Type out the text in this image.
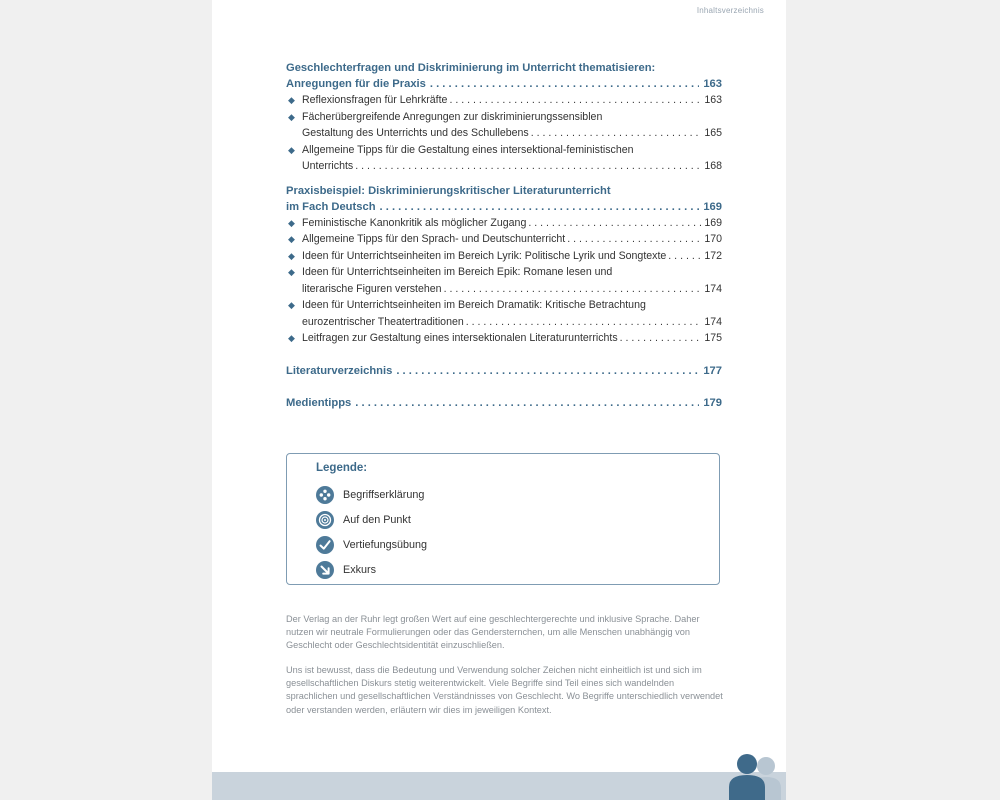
Inhaltsverzeichnis
Geschlechterfragen und Diskriminierung im Unterricht thematisieren:
Anregungen für die Praxis . . .	163
◆ Reflexionsfragen für Lehrkräfte . . .	163
◆ Fächerübergreifende Anregungen zur diskriminierungssensiblen
Gestaltung des Unterrichts und des Schullebens . . .	165
◆ Allgemeine Tipps für die Gestaltung eines intersektional-feministischen
Unterrichts . . .	168
Praxisbeispiel: Diskriminierungskritischer Literaturunterricht
im Fach Deutsch . . .	169
◆ Feministische Kanonkritik als möglicher Zugang . . .	169
◆ Allgemeine Tipps für den Sprach- und Deutschunterricht . . .	170
◆ Ideen für Unterrichtseinheiten im Bereich Lyrik: Politische Lyrik und Songtexte . . .	172
◆ Ideen für Unterrichtseinheiten im Bereich Epik: Romane lesen und
literarische Figuren verstehen . . .	174
◆ Ideen für Unterrichtseinheiten im Bereich Dramatik: Kritische Betrachtung
eurozentrischer Theatertraditionen . . .	174
◆ Leitfragen zur Gestaltung eines intersektionalen Literaturunterrichts . . .	175
Literaturverzeichnis . . .	177
Medientipps . . .	179
Legende:
Begriffserklärung
Auf den Punkt
Vertiefungsübung
Exkurs
Der Verlag an der Ruhr legt großen Wert auf eine geschlechtergerechte und inklusive Sprache. Daher nutzen wir neutrale Formulierungen oder das Gendersternchen, um alle Menschen unabhängig von Geschlecht oder Geschlechtsidentität einzuschließen.
Uns ist bewusst, dass die Bedeutung und Verwendung solcher Zeichen nicht einheitlich ist und sich im gesellschaftlichen Diskurs stetig weiterentwickelt. Viele Begriffe sind Teil eines sich wandelnden sprachlichen und gesellschaftlichen Verständnisses von Geschlecht. Wo Begriffe unterschiedlich verwendet oder verstanden werden, erläutern wir dies im jeweiligen Kontext.
